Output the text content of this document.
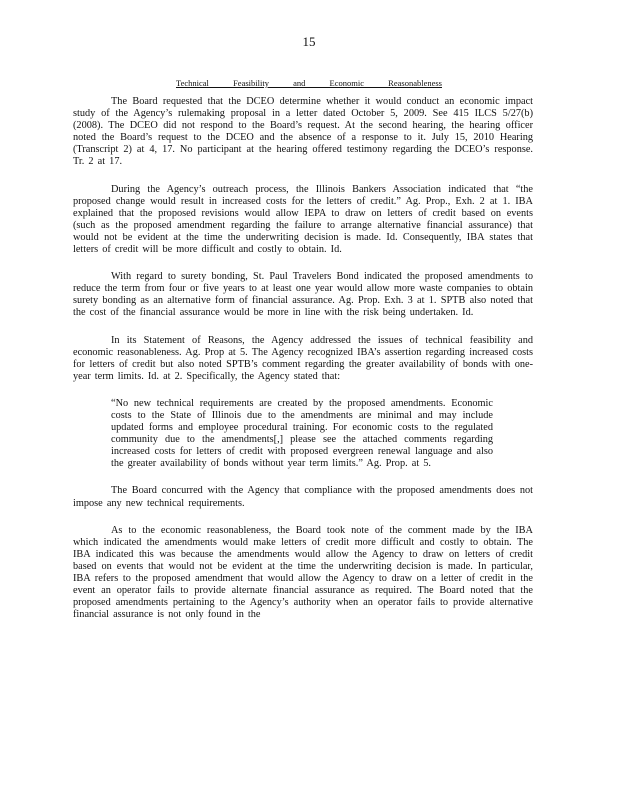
15
Technical Feasibility and Economic Reasonableness

The Board requested that the DCEO determine whether it would conduct an economic impact study of the Agency’s rulemaking proposal in a letter dated October 5, 2009. See 415 ILCS 5/27(b) (2008). The DCEO did not respond to the Board’s request. At the second hearing, the hearing officer noted the Board’s request to the DCEO and the absence of a response to it. July 15, 2010 Hearing (Transcript 2) at 4, 17. No participant at the hearing offered testimony regarding the DCEO’s response. Tr. 2 at 17.

During the Agency’s outreach process, the Illinois Bankers Association indicated that “the proposed change would result in increased costs for the letters of credit.” Ag. Prop., Exh. 2 at 1. IBA explained that the proposed revisions would allow IEPA to draw on letters of credit based on events (such as the proposed amendment regarding the failure to arrange alternative financial assurance) that would not be evident at the time the underwriting decision is made. Id. Consequently, IBA states that letters of credit will be more difficult and costly to obtain. Id.

With regard to surety bonding, St. Paul Travelers Bond indicated the proposed amendments to reduce the term from four or five years to at least one year would allow more waste companies to obtain surety bonding as an alternative form of financial assurance. Ag. Prop. Exh. 3 at 1. SPTB also noted that the cost of the financial assurance would be more in line with the risk being undertaken. Id.

In its Statement of Reasons, the Agency addressed the issues of technical feasibility and economic reasonableness. Ag. Prop at 5. The Agency recognized IBA’s assertion regarding increased costs for letters of credit but also noted SPTB’s comment regarding the greater availability of bonds with one-year term limits. Id. at 2. Specifically, the Agency stated that:

“No new technical requirements are created by the proposed amendments. Economic costs to the State of Illinois due to the amendments are minimal and may include updated forms and employee procedural training. For economic costs to the regulated community due to the amendments[,] please see the attached comments regarding increased costs for letters of credit with proposed evergreen renewal language and also the greater availability of bonds without year term limits.” Ag. Prop. at 5.

The Board concurred with the Agency that compliance with the proposed amendments does not impose any new technical requirements.

As to the economic reasonableness, the Board took note of the comment made by the IBA which indicated the amendments would make letters of credit more difficult and costly to obtain. The IBA indicated this was because the amendments would allow the Agency to draw on letters of credit based on events that would not be evident at the time the underwriting decision is made. In particular, IBA refers to the proposed amendment that would allow the Agency to draw on a letter of credit in the event an operator fails to provide alternate financial assurance as required. The Board noted that the proposed amendments pertaining to the Agency’s authority when an operator fails to provide alternative financial assurance is not only found in the
